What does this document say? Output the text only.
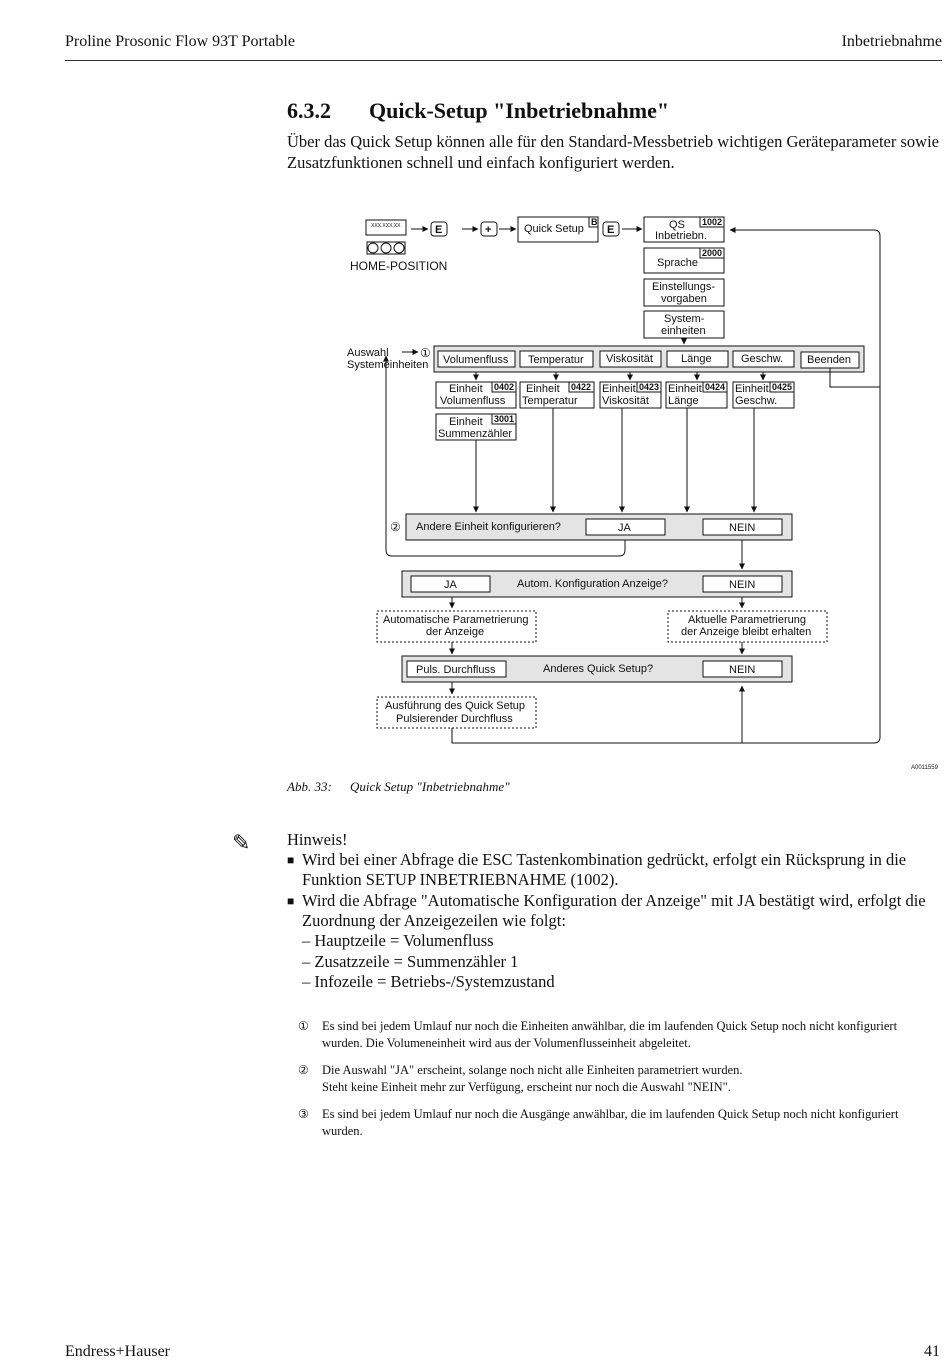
Proline Prosonic Flow 93T Portable	Inbetriebnahme
6.3.2 Quick-Setup "Inbetriebnahme"
Über das Quick Setup können alle für den Standard-Messbetrieb wichtigen Geräteparameter sowie Zusatzfunktionen schnell und einfach konfiguriert werden.
XXX.XXX.XX
HOME-POSITION
E	+	E
Quick Setup
B	QS
Inbetriebn.
1002
Sprache
2000
Einstellungs-
vorgaben
System-
einheiten
Auswahl
Systemeinheiten
①
②
Volumenfluss Temperatur Viskosität	Länge	Geschw. Beenden
Einheit
Volumenfluss
0402 Einheit
Temperatur
0422 Einheit
Viskosität
0423 Einheit
Länge
0424 Einheit
Geschw.
0425
Einheit
Summenzähler
3001
Andere Einheit konfigurieren?	JA	NEIN
JA	Autom. Konfiguration Anzeige?	NEIN
Automatische Parametrierung
der Anzeige
Aktuelle Parametrierung
der Anzeige bleibt erhalten
Puls. Durchfluss	Anderes Quick Setup?	NEIN
Ausführung des Quick Setup
Pulsierender Durchfluss
A0011559
Abb. 33: Quick Setup "Inbetriebnahme"
✎ Hinweis!
■ Wird bei einer Abfrage die ESC Tastenkombination gedrückt, erfolgt ein Rücksprung in die
Funktion SETUP INBETRIEBNAHME (1002).
■ Wird die Abfrage "Automatische Konfiguration der Anzeige" mit JA bestätigt wird, erfolgt die
Zuordnung der Anzeigezeilen wie folgt:
– Hauptzeile = Volumenfluss
– Zusatzzeile = Summenzähler 1
– Infozeile = Betriebs-/Systemzustand
① Es sind bei jedem Umlauf nur noch die Einheiten anwählbar, die im laufenden Quick Setup noch nicht konfiguriert
wurden. Die Volumeneinheit wird aus der Volumenflusseinheit abgeleitet.
② Die Auswahl "JA" erscheint, solange noch nicht alle Einheiten parametriert wurden.
Steht keine Einheit mehr zur Verfügung, erscheint nur noch die Auswahl "NEIN".
③ Es sind bei jedem Umlauf nur noch die Ausgänge anwählbar, die im laufenden Quick Setup noch nicht konfiguriert
wurden.
Endress+Hauser	41
